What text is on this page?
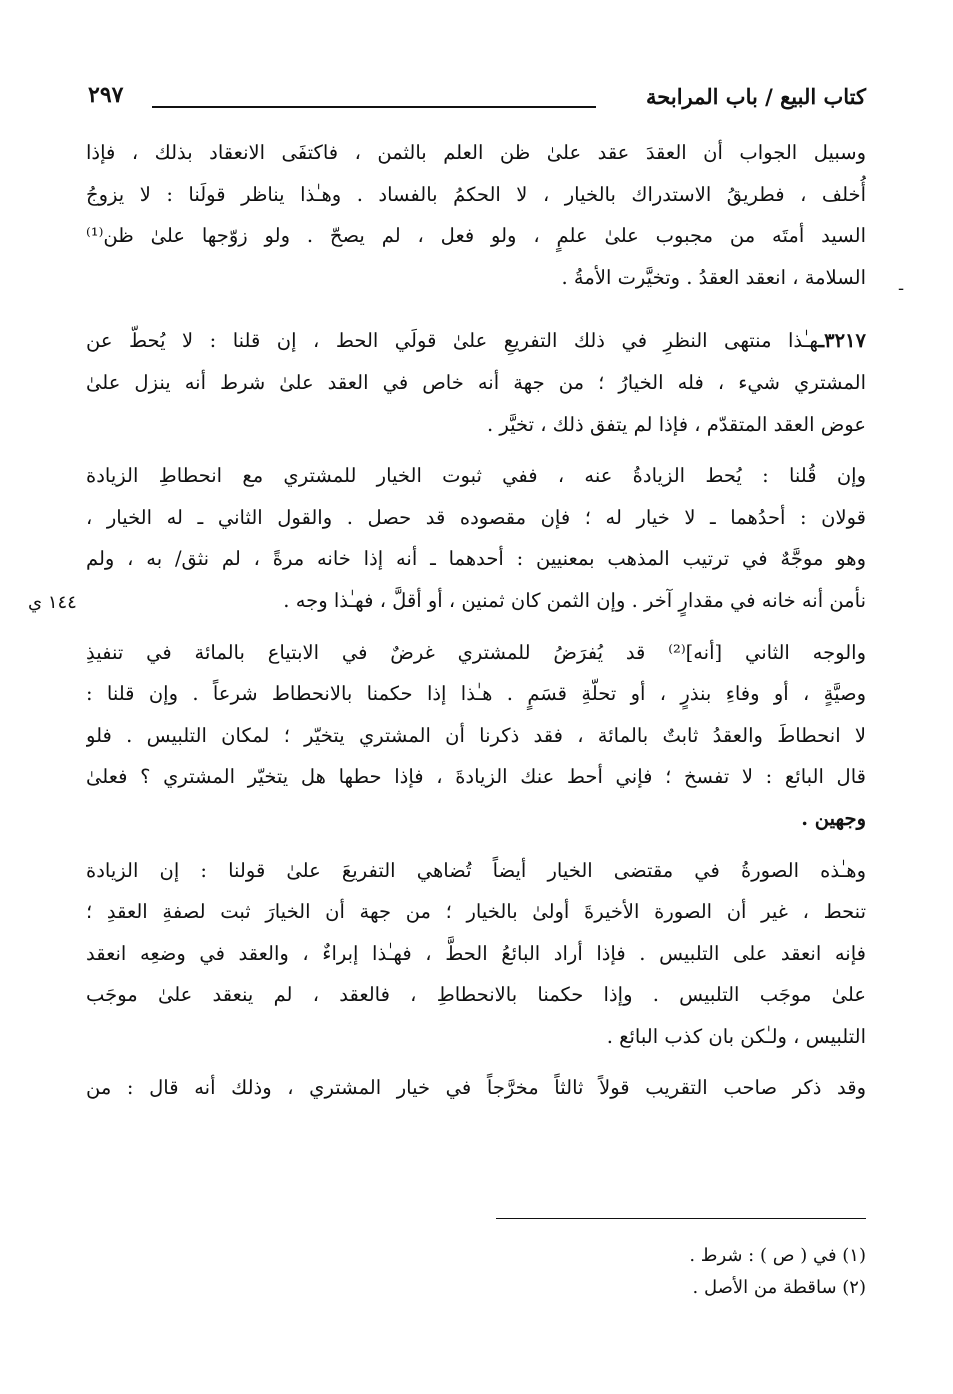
كتاب البيع / باب المرابحة
٢٩٧
-

وسبيل الجواب أن العقدَ عقد علىٰ ظن العلم بالثمن ، فاكتفَى الانعقاد بذلك ، فإذا
أُخلف ، فطريقُ الاستدراك بالخيار ، لا الحكمُ بالفساد . وهـٰذا يناظر قولَنا : لا يزوجُ
السيد أمتَه من مجبوب علىٰ علمٍ ، ولو فعل ، لم يصحّ . ولو زوّجها علىٰ ظن⁽¹⁾
السلامة ، انعقد العقدُ . وتخيَّرت الأمةُ .

٣٢١٧ـهـٰذا منتهى النظرِ في ذلك التفريعِ علىٰ قولَي الحط ، إن قلنا : لا يُحطّ عن
المشتري شيء ، فله الخيارُ ؛ من جهة أنه خاص في العقد علىٰ شرط أنه ينزل علىٰ
عوض العقد المتقدّم ، فإذا لم يتفق ذلك ، تخيَّر .

وإن قُلنا : يُحط الزيادةُ عنه ، ففي ثبوت الخيار للمشتري مع انحطاطِ الزيادة
قولان : أحدُهما ـ لا خيار له ؛ فإن مقصوده قد حصل . والقول الثاني ـ له الخيار ،
وهو موجَّهٌ في ترتيب المذهب بمعنيين : أحدهما ـ أنه إذا خانه مرةً ، لم نثق/ به ، ولم
نأمن أنه خانه في مقدارٍ آخر . وإن الثمن كان ثمنين ، أو أقلَّ ، فهـٰذا وجه .

والوجه الثاني [أنه]⁽²⁾ قد يُفرَضُ للمشتري غرضٌ في الابتياع بالمائة في تنفيذِ
وصيَّةٍ ، أو وفاءِ بنذرٍ ، أو تحلّةِ قسَمٍ . هـٰذا إذا حكمنا بالانحطاط شرعاً . وإن قلنا :
لا انحطاطَ والعقدُ ثابتٌ بالمائة ، فقد ذكرنا أن المشتري يتخيّر ؛ لمكان التلبيس . فلو
قال البائع : لا تفسخ ؛ فإني أحط عنك الزيادةَ ، فإذا حطها هل يتخيّر المشتري ؟ فعلىٰ
وجهين .

وهـٰذه الصورةُ في مقتضى الخيار أيضاً تُضاهي التفريعَ علىٰ قولنا : إن الزيادة
تنحط ، غير أن الصورة الأخيرةَ أولىٰ بالخيار ؛ من جهة أن الخيارَ ثبت لصفةِ العقدِ ؛
فإنه انعقد على التلبيس . فإذا أراد البائعُ الحطَّ ، فهـٰذا إبراءٌ ، والعقد في وضعِه انعقد
علىٰ موجَب التلبيس . وإذا حكمنا بالانحطاطِ ، فالعقد ، لم ينعقد علىٰ موجَب
التلبيس ، ولـٰكن بان كذب البائع .

وقد ذكر صاحب التقريب قولاً ثالثاً مخرَّجاً في خيار المشتري ، وذلك أنه قال : من

١٤٤ ي
(١) في ( ص ) : شرط .
(٢) ساقطة من الأصل .
